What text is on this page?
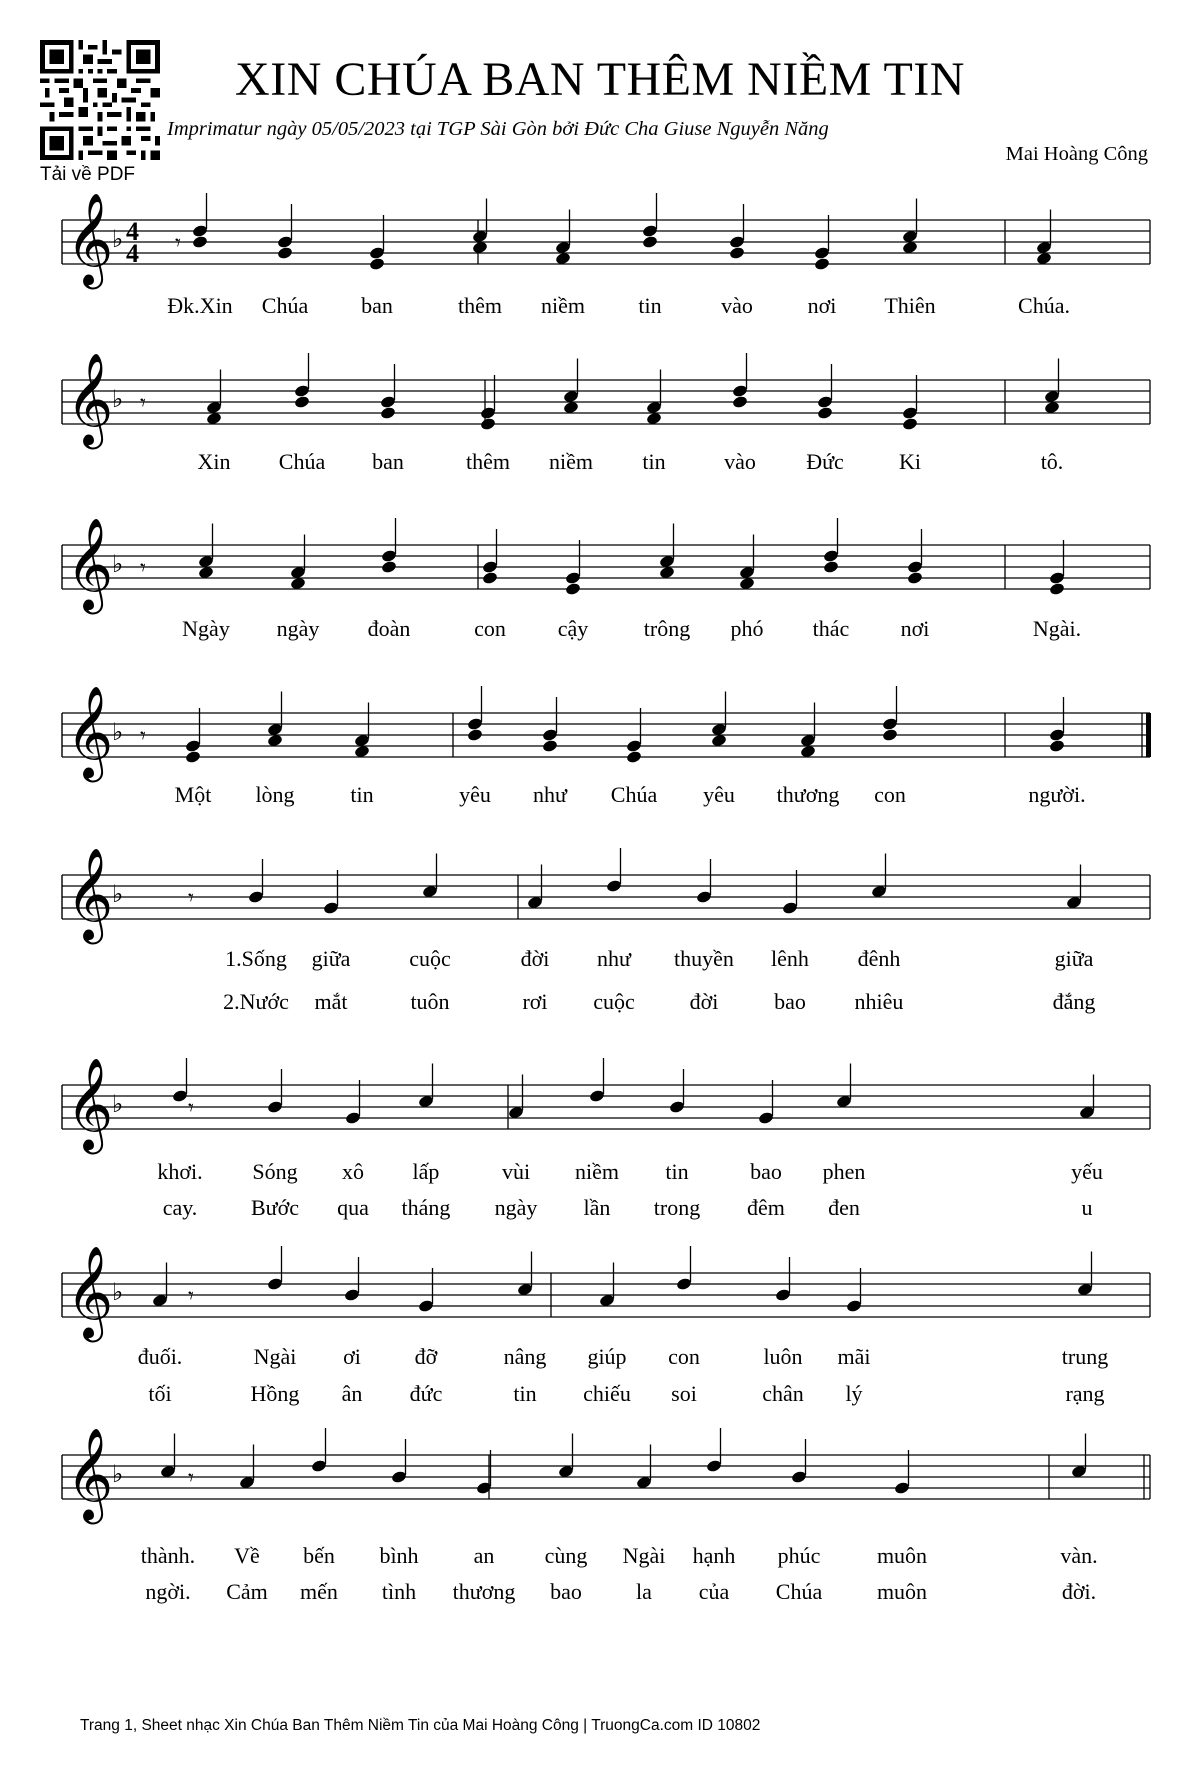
Tải về PDF
XIN CHÚA BAN THÊM NIỀM TIN
Imprimatur ngày 05/05/2023 tại TGP Sài Gòn bởi Đức Cha Giuse Nguyễn Năng
Mai Hoàng Công
𝄞
♭ 4
4 𝄾
Đk.Xin Chúa ban	thêm niềm tin	vào nơi Thiên	Chúa.
𝄞
♭ 𝄾
Xin Chúa ban	thêm niềm tin	vào Đức	Ki	tô.
𝄞
♭ 𝄾
Ngày ngày đoàn	con cậy	trông phó thác nơi	Ngài.
𝄞
♭ 𝄾
Một lòng	tin	yêu như Chúa yêu thương con	người.
𝄞
♭	𝄾
1.Sống giữa	cuộc	đời như thuyền lênh đênh	giữa
2.Nước mắt	tuôn	rơi cuộc đời	bao nhiêu	đắng
𝄞
♭	𝄾
khơi. Sóng xô lấp	vùi niềm tin	bao phen	yếu
cay. Bước qua tháng ngày lần trong đêm đen	u
𝄞
♭	𝄾
đuối.	Ngài ơi đỡ	nâng giúp con	luôn mãi	trung
tối	Hồng ân đức	tin chiếu soi	chân lý	rạng
𝄞
♭	𝄾
thành. Về bến bình	an cùng Ngài hạnh phúc	muôn	vàn.
ngời. Cảm mến tình thương bao la của Chúa muôn	đời.
Trang 1, Sheet nhạc Xin Chúa Ban Thêm Niềm Tin của Mai Hoàng Công | TruongCa.com ID 10802
